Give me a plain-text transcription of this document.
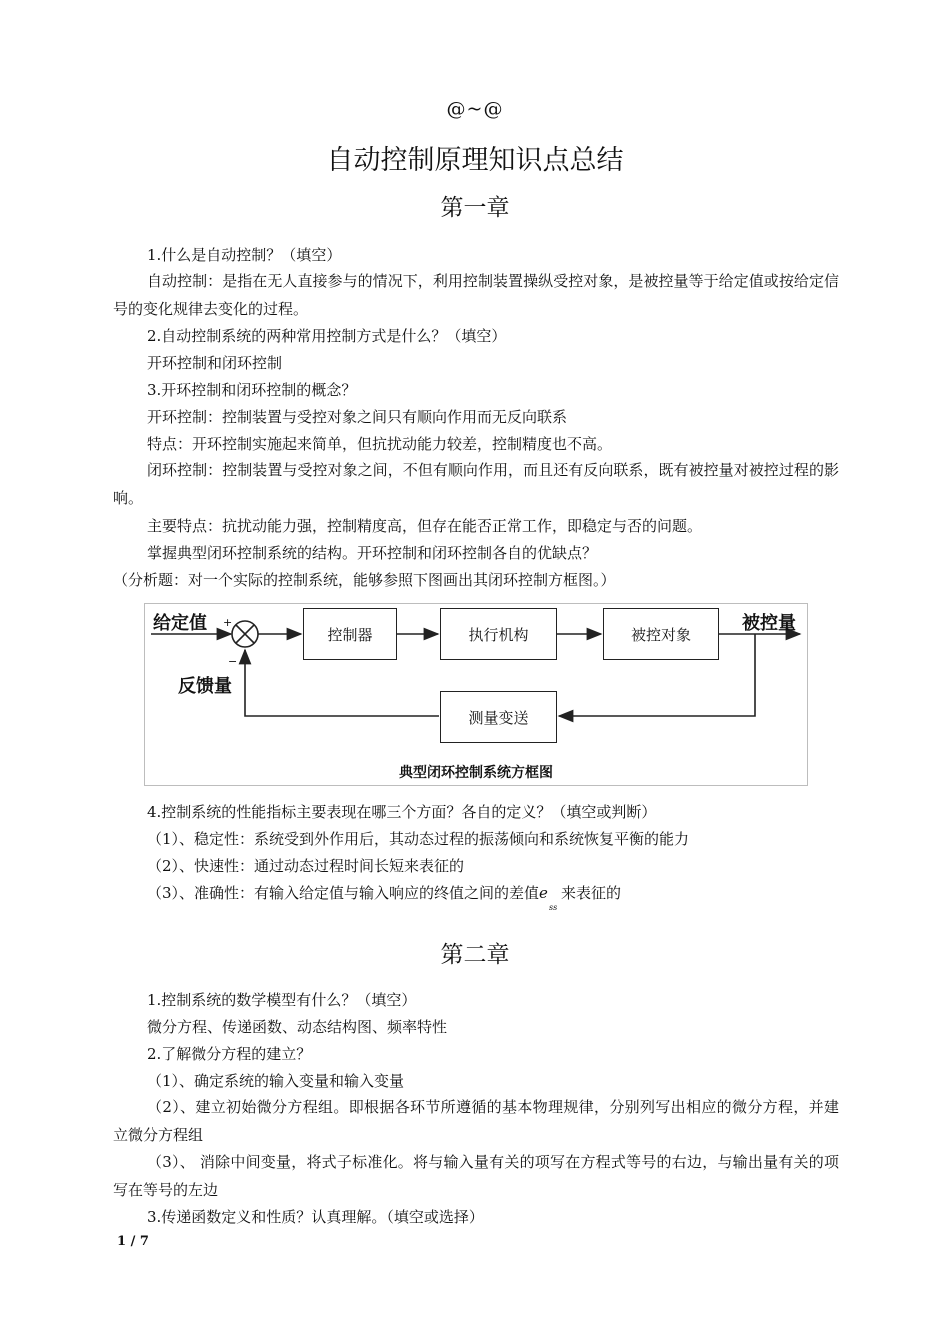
@~@
自动控制原理知识点总结
第一章
1.什么是自动控制？（填空）
自动控制：是指在无人直接参与的情况下，利用控制装置操纵受控对象，是被控量等于给定值或按给定信号的变化规律去变化的过程。
2.自动控制系统的两种常用控制方式是什么？（填空）
开环控制和闭环控制
3.开环控制和闭环控制的概念？
开环控制：控制装置与受控对象之间只有顺向作用而无反向联系
特点：开环控制实施起来简单，但抗扰动能力较差，控制精度也不高。
闭环控制：控制装置与受控对象之间，不但有顺向作用，而且还有反向联系，既有被控量对被控过程的影响。
主要特点：抗扰动能力强，控制精度高，但存在能否正常工作，即稳定与否的问题。
掌握典型闭环控制系统的结构。开环控制和闭环控制各自的优缺点？
（分析题：对一个实际的控制系统，能够参照下图画出其闭环控制方框图。）
给定值 +
−
反馈量
被控量
控制器	执行机构	被控对象
测量变送
典型闭环控制系统方框图
4.控制系统的性能指标主要表现在哪三个方面？各自的定义？（填空或判断）
（1）、稳定性：系统受到外作用后，其动态过程的振荡倾向和系统恢复平衡的能力
（2）、快速性：通过动态过程时间长短来表征的
（3）、准确性：有输入给定值与输入响应的终值之间的差值e
ss
来表征的
第二章
1.控制系统的数学模型有什么？（填空）
微分方程、传递函数、动态结构图、频率特性
2.了解微分方程的建立？
（1）、确定系统的输入变量和输入变量
（2）、建立初始微分方程组。即根据各环节所遵循的基本物理规律，分别列写出相应的微分方程，并建立微分方程组
（3）、 消除中间变量，将式子标准化。将与输入量有关的项写在方程式等号的右边，与输出量有关的项写在等号的左边
3.传递函数定义和性质？认真理解。（填空或选择）
1 / 7
